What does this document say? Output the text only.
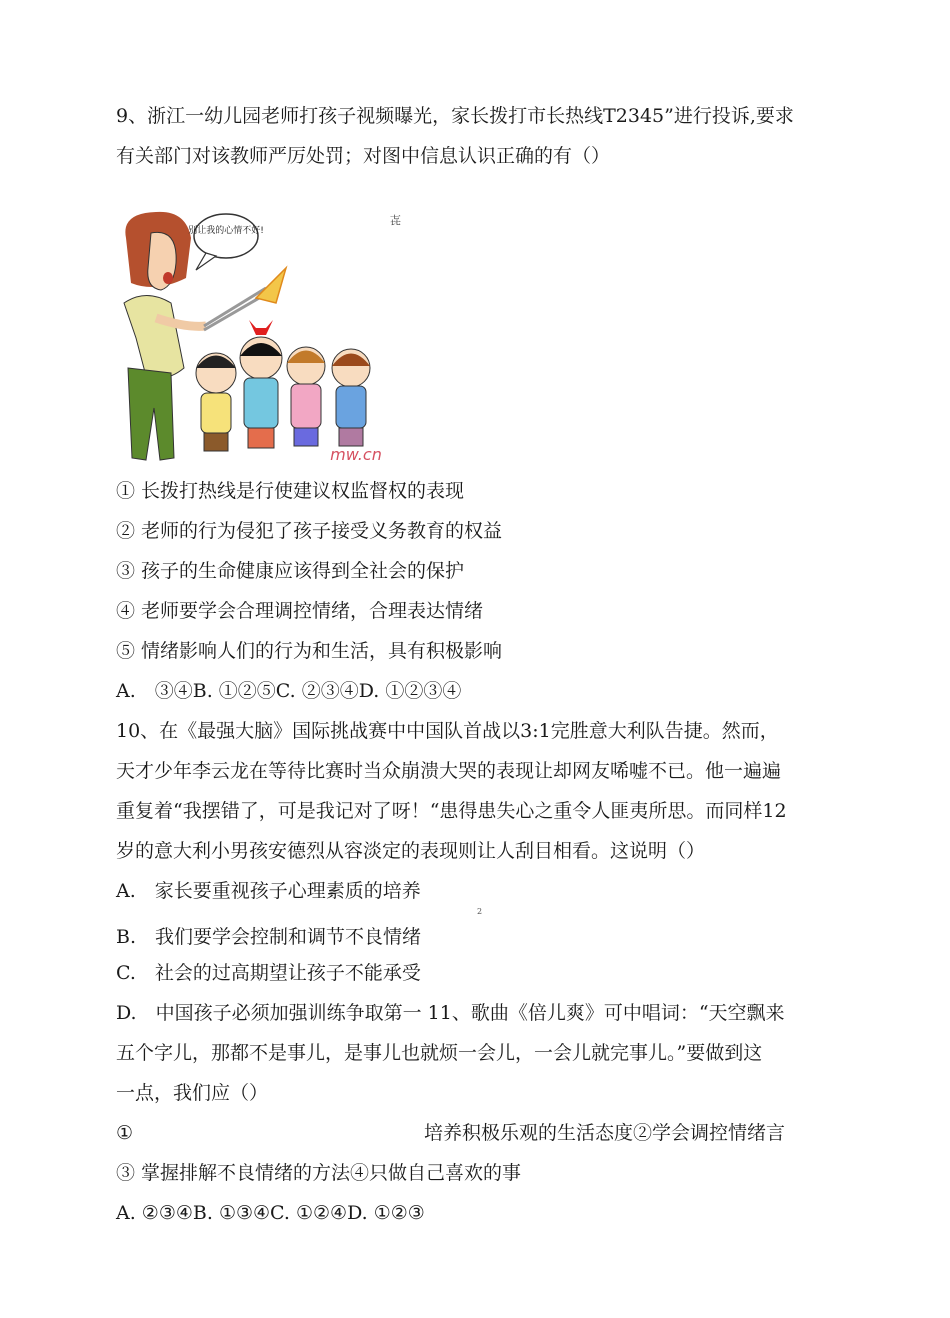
9、浙江一幼儿园老师打孩子视频曝光，家长拨打市长热线T2345”进行投诉,要求
有关部门对该教师严厉处罚；对图中信息认识正确的有（）
别让我的心情不好!
mw.cn
㐂
① 长拨打热线是行使建议权监督权的表现
② 老师的行为侵犯了孩子接受义务教育的权益
③ 孩子的生命健康应该得到全社会的保护
④ 老师要学会合理调控情绪，合理表达情绪
⑤ 情绪影响人们的行为和生活，具有积极影响
A.　③④B. ①②⑤C. ②③④D. ①②③④
10、在《最强大脑》国际挑战赛中中国队首战以3:1完胜意大利队告捷。然而，
天才少年李云龙在等待比赛时当众崩溃大哭的表现让却网友唏嘘不已。他一遍遍
重复着“我摆错了，可是我记对了呀！“患得患失心之重令人匪夷所思。而同样12
岁的意大利小男孩安德烈从容淡定的表现则让人刮目相看。这说明（）
A.　家长要重视孩子心理素质的培养
2
B.　我们要学会控制和调节不良情绪
C.　社会的过高期望让孩子不能承受
D.　中国孩子必须加强训练争取第一 11、歌曲《倍儿爽》可中唱词：“天空飘来
五个字儿，那都不是事儿，是事儿也就烦一会儿，一会儿就完事儿。”要做到这
一点，我们应（）
①	培养积极乐观的生活态度②学会调控情绪言
③ 掌握排解不良情绪的方法④只做自己喜欢的事
A. ②③④B. ①③④C. ①②④D. ①②③
